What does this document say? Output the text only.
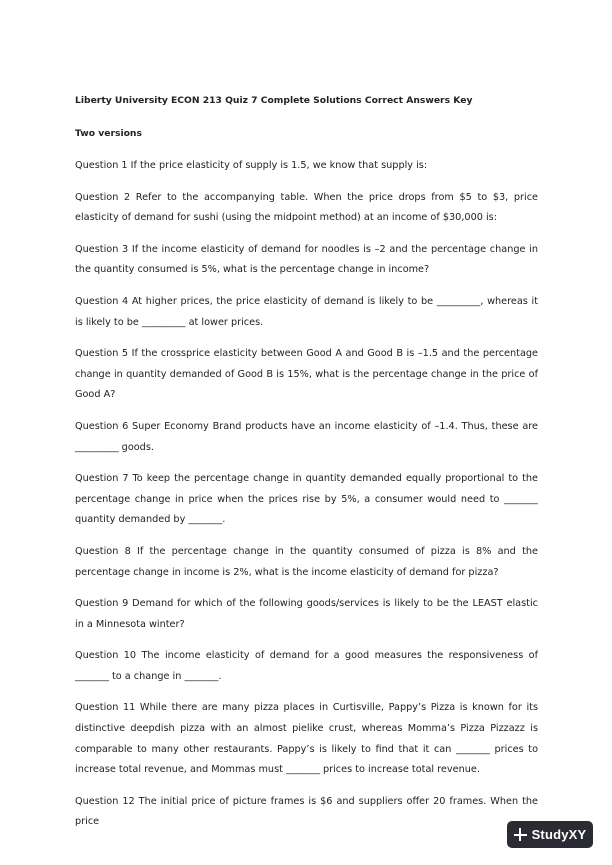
Liberty University ECON 213 Quiz 7 Complete Solutions Correct Answers Key

Two versions

Question 1 If the price elasticity of supply is 1.5, we know that supply is:

Question 2 Refer to the accompanying table. When the price drops from $5 to $3, price elasticity of demand for sushi (using the midpoint method) at an income of $30,000 is:

Question 3 If the income elasticity of demand for noodles is –2 and the percentage change in the quantity consumed is 5%, what is the percentage change in income?

Question 4 At higher prices, the price elasticity of demand is likely to be _________, whereas it is likely to be _________ at lower prices.

Question 5 If the crossprice elasticity between Good A and Good B is –1.5 and the percentage change in quantity demanded of Good B is 15%, what is the percentage change in the price of Good A?

Question 6 Super Economy Brand products have an income elasticity of –1.4. Thus, these are _________ goods.

Question 7 To keep the percentage change in quantity demanded equally proportional to the percentage change in price when the prices rise by 5%, a consumer would need to _______ quantity demanded by _______.

Question 8 If the percentage change in the quantity consumed of pizza is 8% and the percentage change in income is 2%, what is the income elasticity of demand for pizza?

Question 9 Demand for which of the following goods/services is likely to be the LEAST elastic in a Minnesota winter?

Question 10 The income elasticity of demand for a good measures the responsiveness of _______ to a change in _______.

Question 11 While there are many pizza places in Curtisville, Pappy’s Pizza is known for its distinctive deepdish pizza with an almost pielike crust, whereas Momma’s Pizza Pizzazz is comparable to many other restaurants. Pappy’s is likely to find that it can _______ prices to increase total revenue, and Mommas must _______ prices to increase total revenue.

Question 12 The initial price of picture frames is $6 and suppliers offer 20 frames. When the price

StudyXY
